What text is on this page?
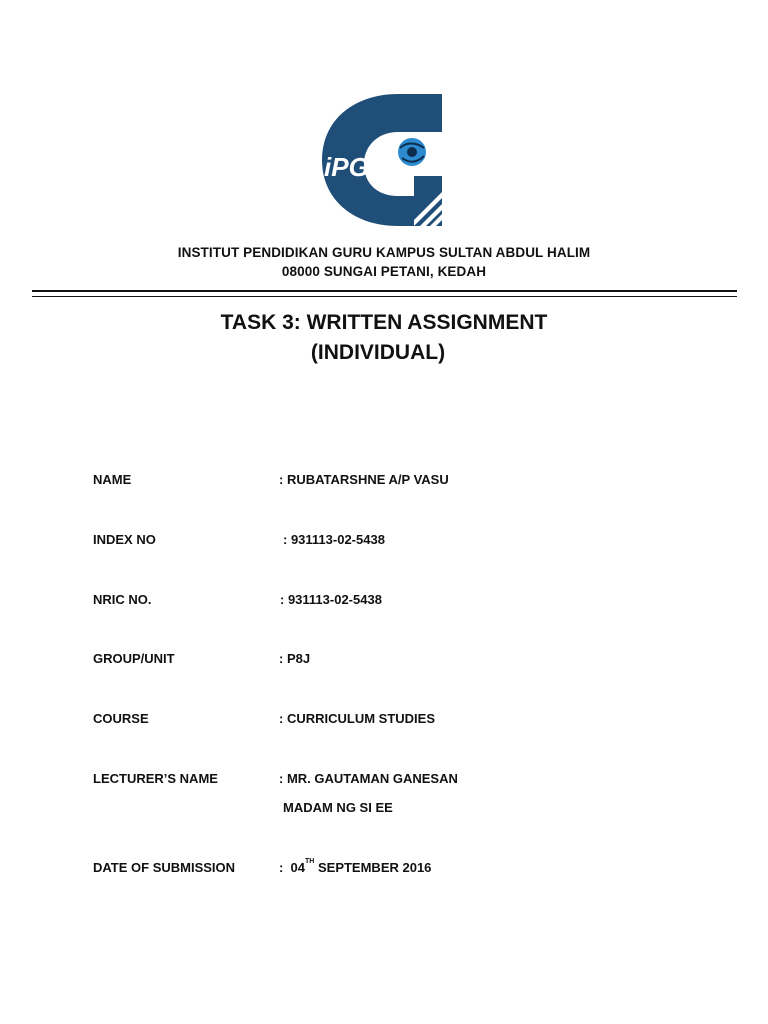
iPG
INSTITUT PENDIDIKAN GURU KAMPUS SULTAN ABDUL HALIM
08000 SUNGAI PETANI, KEDAH
TASK 3: WRITTEN ASSIGNMENT
(INDIVIDUAL)
NAME	: RUBATARSHNE A/P VASU
INDEX NO	: 931113-02-5438
NRIC NO.	: 931113-02-5438
GROUP/UNIT	: P8J
COURSE	: CURRICULUM STUDIES
LECTURER’S NAME	: MR. GAUTAMAN GANESAN
MADAM NG SI EE
DATE OF SUBMISSION	:  04TH SEPTEMBER 2016
